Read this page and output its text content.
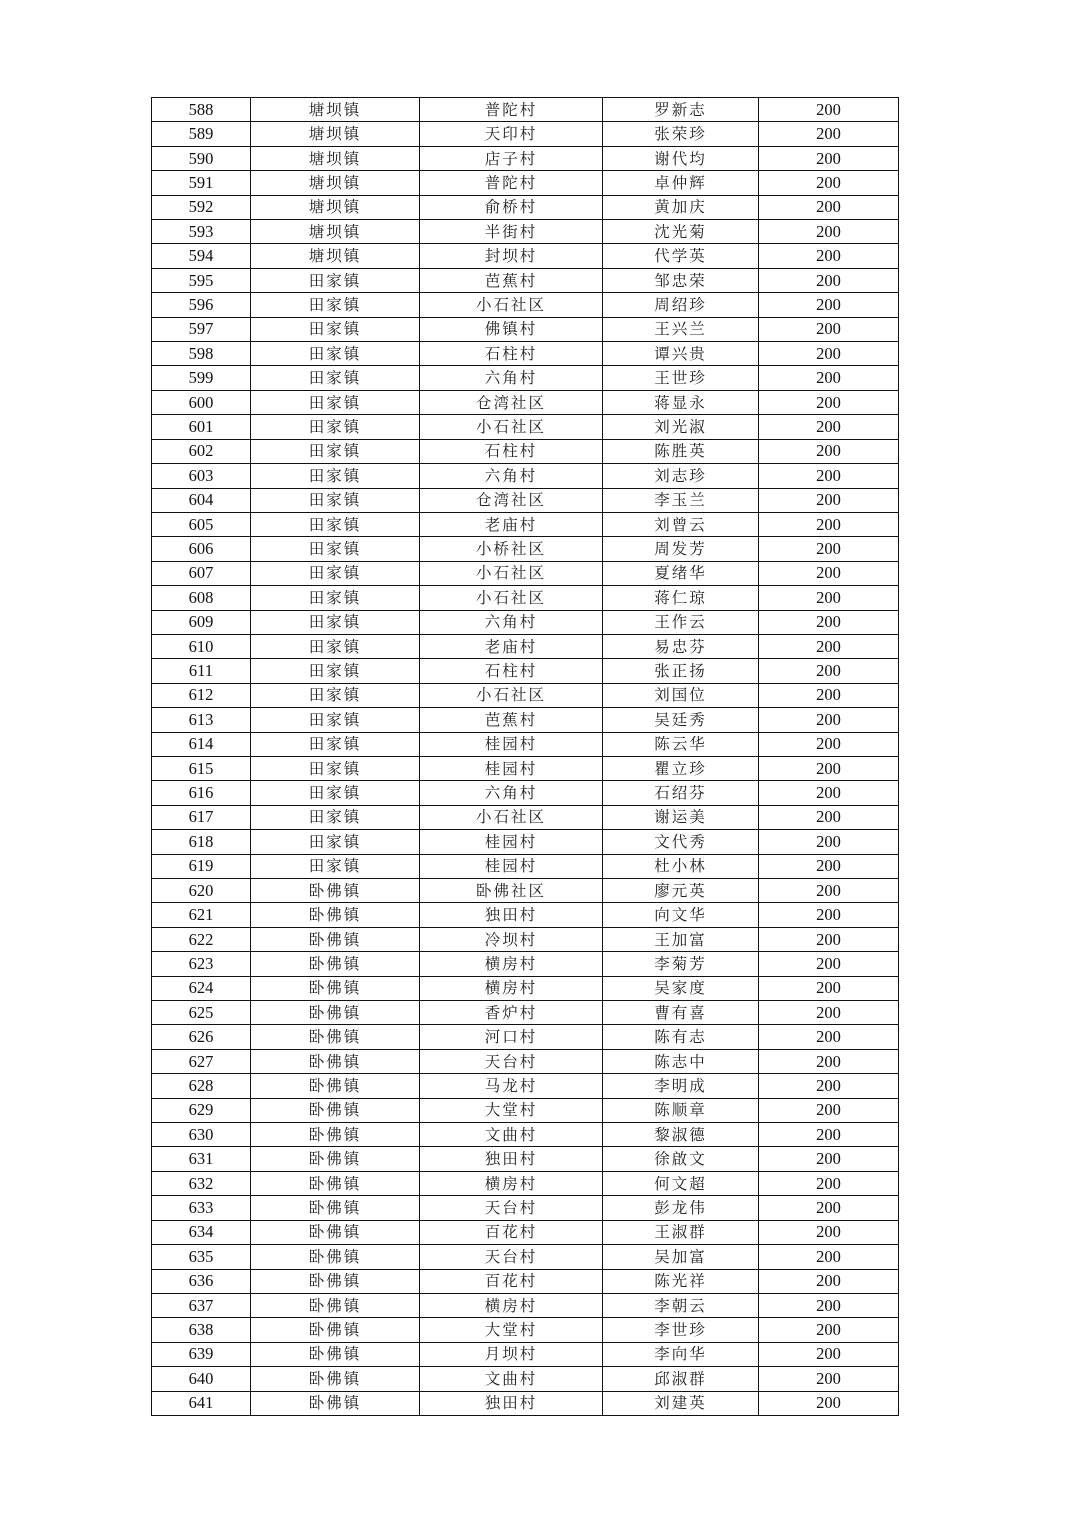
588	塘坝镇	普陀村	罗新志	200
589	塘坝镇	天印村	张荣珍	200
590	塘坝镇	店子村	谢代均	200
591	塘坝镇	普陀村	卓仲辉	200
592	塘坝镇	俞桥村	黄加庆	200
593	塘坝镇	半街村	沈光菊	200
594	塘坝镇	封坝村	代学英	200
595	田家镇	芭蕉村	邹忠荣	200
596	田家镇	小石社区	周绍珍	200
597	田家镇	佛镇村	王兴兰	200
598	田家镇	石柱村	谭兴贵	200
599	田家镇	六角村	王世珍	200
600	田家镇	仓湾社区	蒋显永	200
601	田家镇	小石社区	刘光淑	200
602	田家镇	石柱村	陈胜英	200
603	田家镇	六角村	刘志珍	200
604	田家镇	仓湾社区	李玉兰	200
605	田家镇	老庙村	刘曾云	200
606	田家镇	小桥社区	周发芳	200
607	田家镇	小石社区	夏绪华	200
608	田家镇	小石社区	蒋仁琼	200
609	田家镇	六角村	王作云	200
610	田家镇	老庙村	易忠芬	200
611	田家镇	石柱村	张正扬	200
612	田家镇	小石社区	刘国位	200
613	田家镇	芭蕉村	吴廷秀	200
614	田家镇	桂园村	陈云华	200
615	田家镇	桂园村	瞿立珍	200
616	田家镇	六角村	石绍芬	200
617	田家镇	小石社区	谢运美	200
618	田家镇	桂园村	文代秀	200
619	田家镇	桂园村	杜小林	200
620	卧佛镇	卧佛社区	廖元英	200
621	卧佛镇	独田村	向文华	200
622	卧佛镇	冷坝村	王加富	200
623	卧佛镇	横房村	李菊芳	200
624	卧佛镇	横房村	吴家度	200
625	卧佛镇	香炉村	曹有喜	200
626	卧佛镇	河口村	陈有志	200
627	卧佛镇	天台村	陈志中	200
628	卧佛镇	马龙村	李明成	200
629	卧佛镇	大堂村	陈顺章	200
630	卧佛镇	文曲村	黎淑德	200
631	卧佛镇	独田村	徐啟文	200
632	卧佛镇	横房村	何文超	200
633	卧佛镇	天台村	彭龙伟	200
634	卧佛镇	百花村	王淑群	200
635	卧佛镇	天台村	吴加富	200
636	卧佛镇	百花村	陈光祥	200
637	卧佛镇	横房村	李朝云	200
638	卧佛镇	大堂村	李世珍	200
639	卧佛镇	月坝村	李向华	200
640	卧佛镇	文曲村	邱淑群	200
641	卧佛镇	独田村	刘建英	200
